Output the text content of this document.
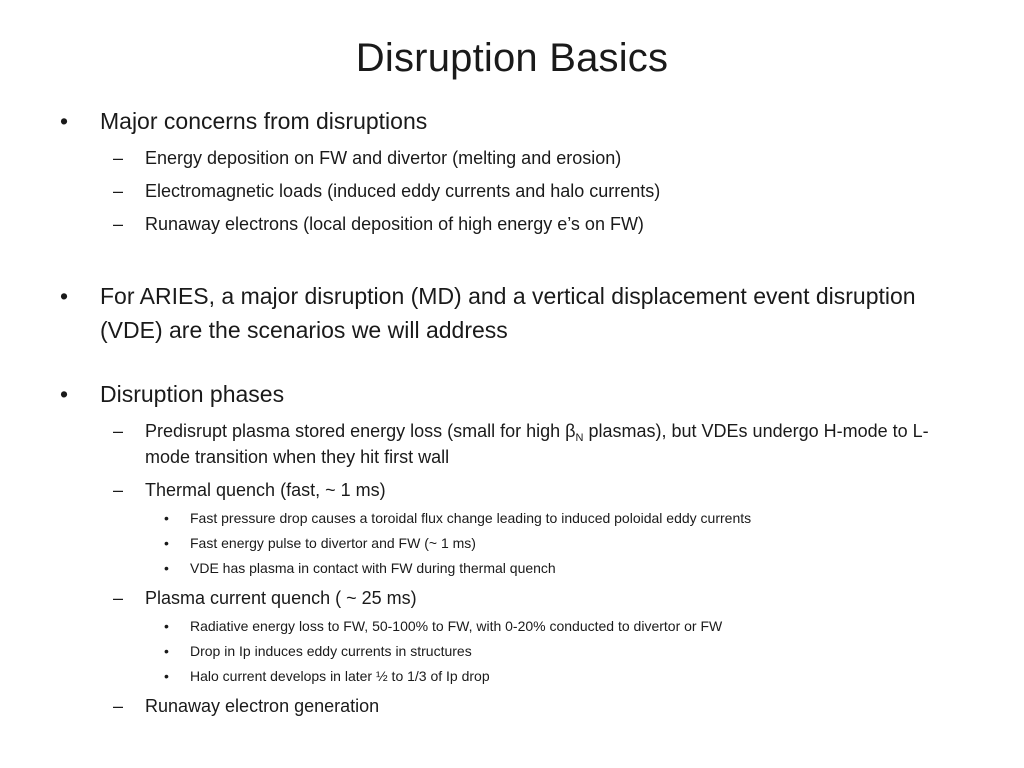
Disruption Basics
•	Major concerns from disruptions
– Energy deposition on FW and divertor (melting and erosion)
– Electromagnetic loads (induced eddy currents and halo currents)
– Runaway electrons (local deposition of high energy e’s on FW)
•	For ARIES, a major disruption (MD) and a vertical displacement event disruption (VDE) are the scenarios we will address
•	Disruption phases
– Predisrupt plasma stored energy loss (small for high $\beta_N$ plasmas), but VDEs undergo H-mode to L-mode transition when they hit first wall
– Thermal quench (fast, ~ 1 ms)
• Fast pressure drop causes a toroidal flux change leading to induced poloidal eddy currents
• Fast energy pulse to divertor and FW (~ 1 ms)
• VDE has plasma in contact with FW during thermal quench
– Plasma current quench ( ~ 25 ms)
• Radiative energy loss to FW, 50-100% to FW, with 0-20% conducted to divertor or FW
• Drop in Ip induces eddy currents in structures
• Halo current develops in later ½ to 1/3 of Ip drop
– Runaway electron generation
